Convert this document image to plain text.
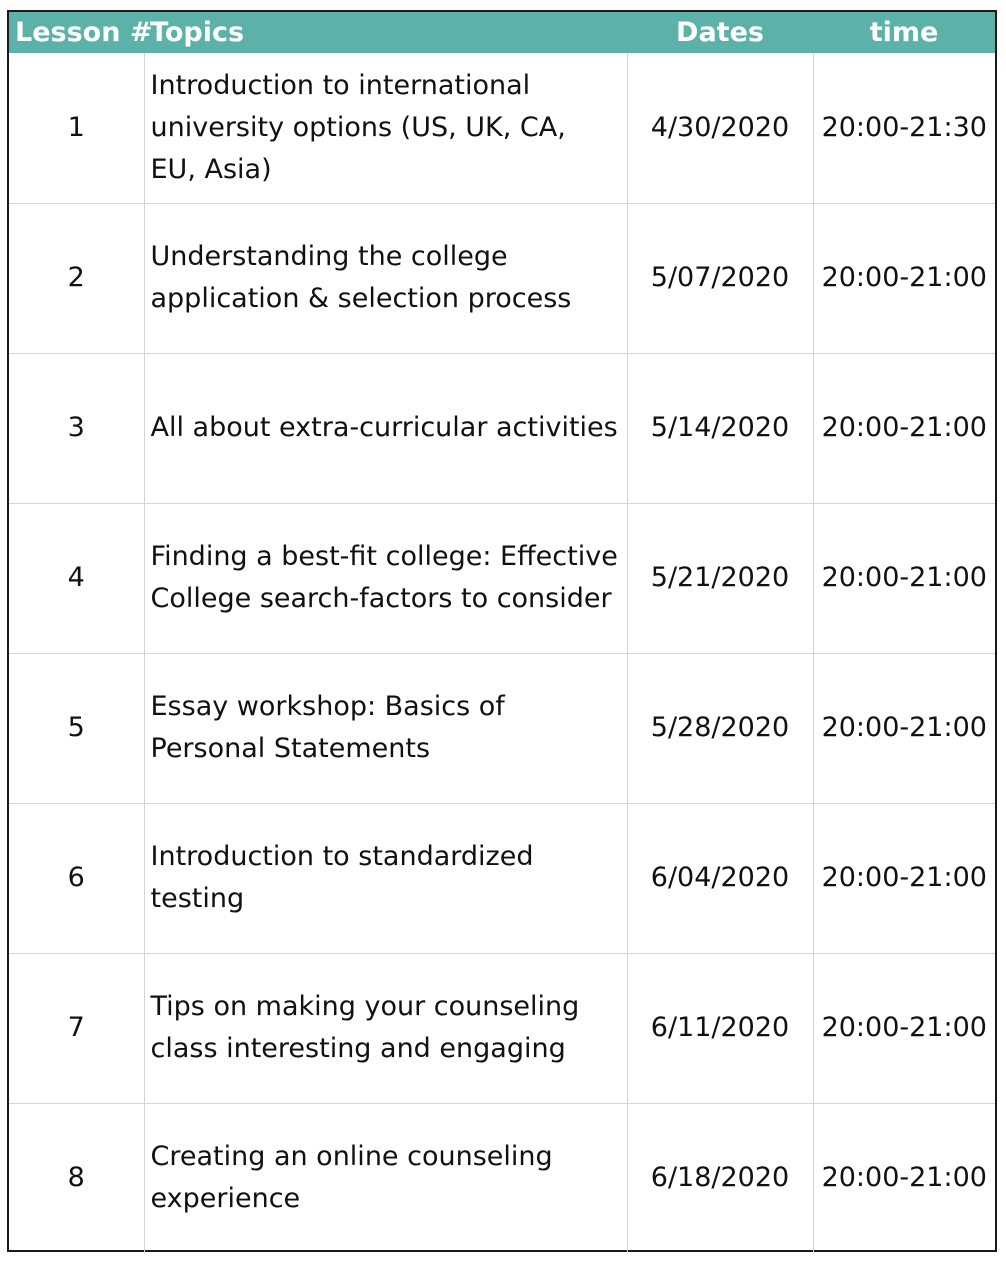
Lesson #	Topics	Dates	time
1	Introduction to international university options (US, UK, CA, EU, Asia)	4/30/2020	20:00-21:30
2	Understanding the college application & selection process	5/07/2020	20:00-21:00
3	All about extra-curricular activities	5/14/2020	20:00-21:00
4	Finding a best-fit college: Effective College search-factors to consider	5/21/2020	20:00-21:00
5	Essay workshop: Basics of Personal Statements	5/28/2020	20:00-21:00
6	Introduction to standardized testing	6/04/2020	20:00-21:00
7	Tips on making your counseling class interesting and engaging	6/11/2020	20:00-21:00
8	Creating an online counseling experience	6/18/2020	20:00-21:00
